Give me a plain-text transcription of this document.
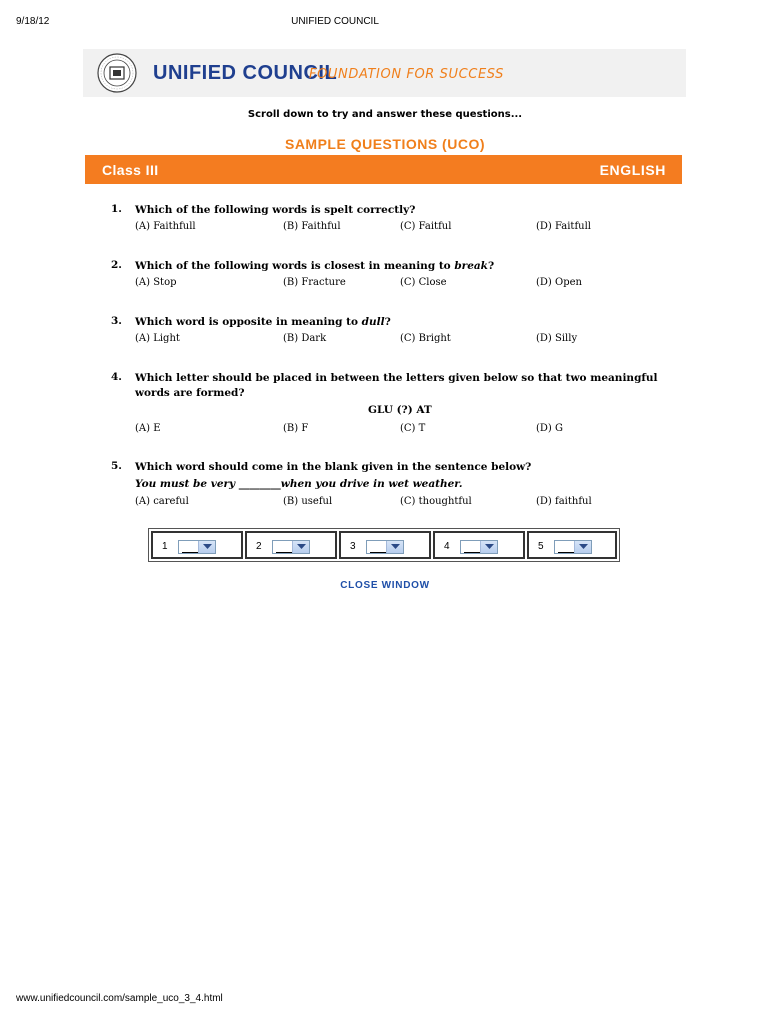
9/18/12	UNIFIED COUNCIL
UNIFIED COUNCIL
FOUNDATION FOR SUCCESS
Scroll down to try and answer these questions...
SAMPLE QUESTIONS (UCO)
Class III	ENGLISH
1. Which of the following words is spelt correctly?
(A) Faithfull	(B) Faithful	(C) Faitful	(D) Faitfull
2. Which of the following words is closest in meaning to break?
(A) Stop	(B) Fracture	(C) Close	(D) Open
3. Which word is opposite in meaning to dull?
(A) Light	(B) Dark	(C) Bright	(D) Silly
4. Which letter should be placed in between the letters given below so that two meaningful words are formed?
GLU (?) AT
(A) E	(B) F	(C) T	(D) G
5. Which word should come in the blank given in the sentence below?
You must be very ________when you drive in wet weather.
(A) careful	(B) useful	(C) thoughtful	(D) faithful
1	2	3	4	5
CLOSE WINDOW
www.unifiedcouncil.com/sample_uco_3_4.html
